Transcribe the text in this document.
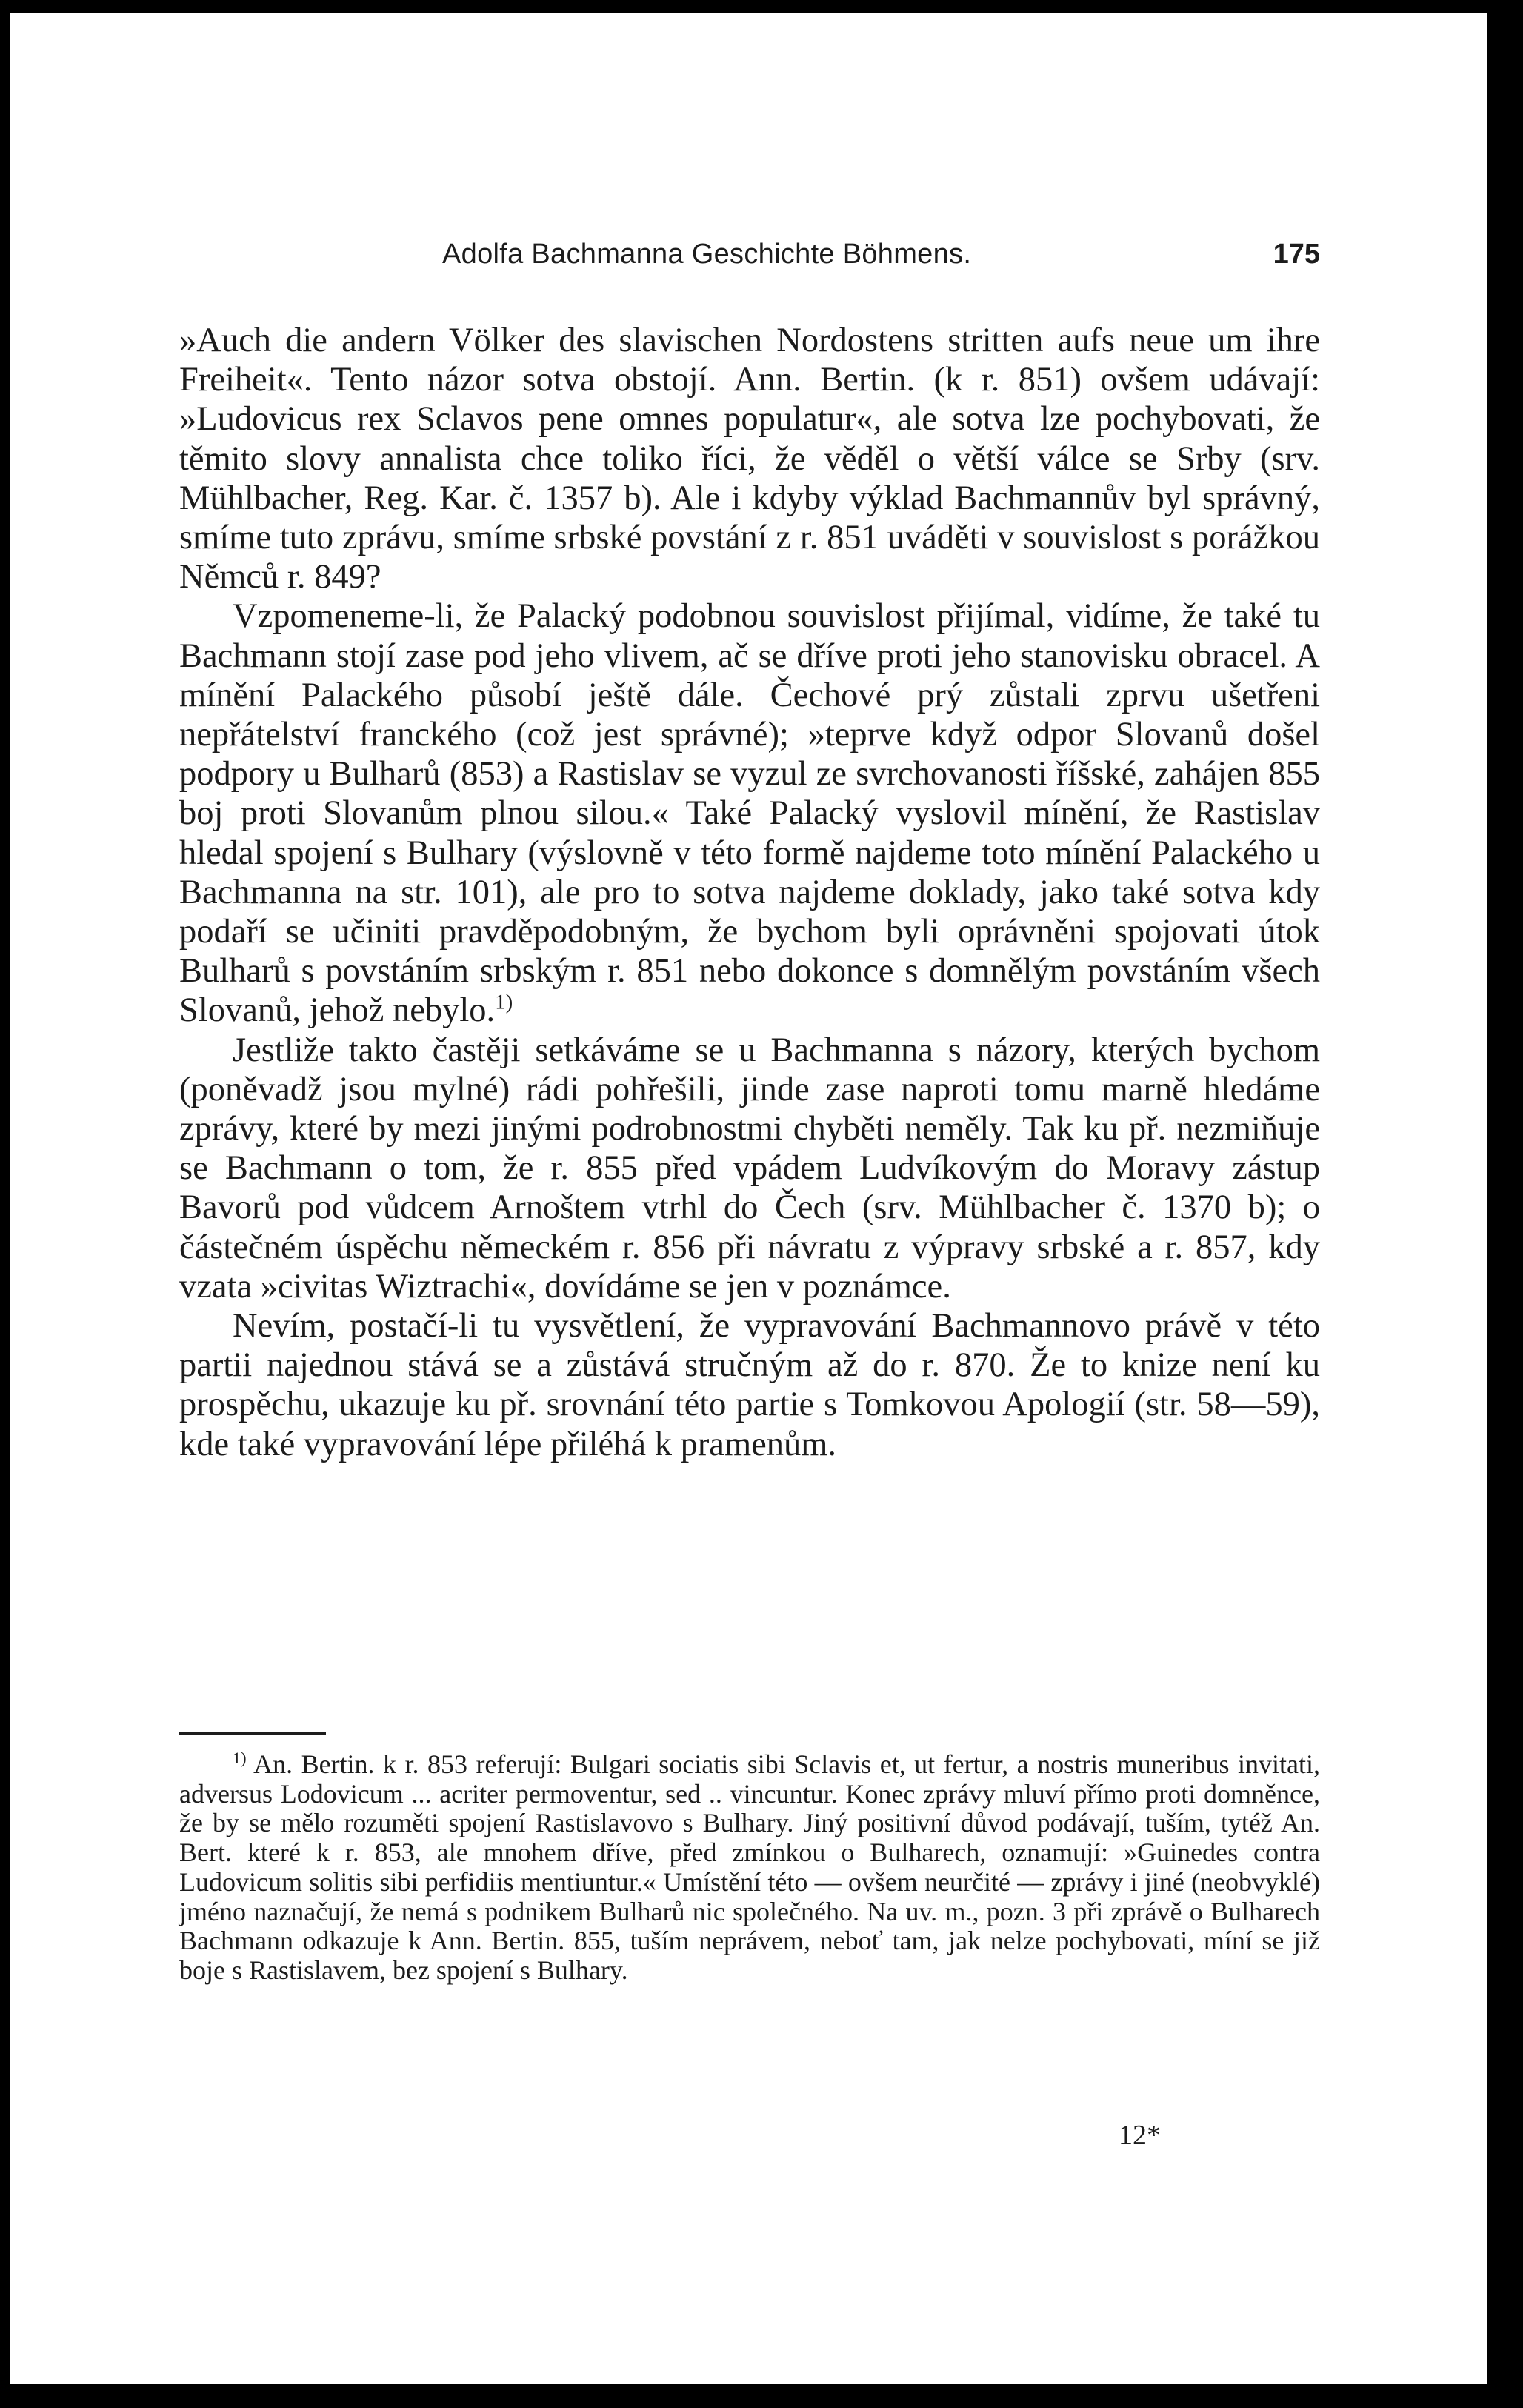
Adolfa Bachmanna Geschichte Böhmens.	175

»Auch die andern Völker des slavischen Nordostens stritten aufs neue um ihre Freiheit«. Tento názor sotva obstojí. Ann. Bertin. (k r. 851) ovšem udávají: »Ludovicus rex Sclavos pene omnes populatur«, ale sotva lze pochybovati, že těmito slovy annalista chce toliko říci, že věděl o větší válce se Srby (srv. Mühlbacher, Reg. Kar. č. 1357 b). Ale i kdyby výklad Bachmannův byl správný, smíme tuto zprávu, smíme srbské povstání z r. 851 uváděti v souvislost s porážkou Němců r. 849?

Vzpomeneme-li, že Palacký podobnou souvislost přijímal, vidíme, že také tu Bachmann stojí zase pod jeho vlivem, ač se dříve proti jeho stanovisku obracel. A mínění Palackého působí ještě dále. Čechové prý zůstali zprvu ušetřeni nepřátelství franckého (což jest správné); »teprve když odpor Slovanů došel podpory u Bulharů (853) a Rastislav se vyzul ze svrchovanosti říšské, zahájen 855 boj proti Slovanům plnou silou.« Také Palacký vyslovil mínění, že Rastislav hledal spojení s Bulhary (výslovně v této formě najdeme toto mínění Palackého u Bachmanna na str. 101), ale pro to sotva najdeme doklady, jako také sotva kdy podaří se učiniti pravděpodobným, že bychom byli oprávněni spojovati útok Bulharů s povstáním srbským r. 851 nebo dokonce s domnělým povstáním všech Slovanů, jehož nebylo.$^{1)}$

Jestliže takto častěji setkáváme se u Bachmanna s názory, kterých bychom (poněvadž jsou mylné) rádi pohřešili, jinde zase naproti tomu marně hledáme zprávy, které by mezi jinými podrobnostmi chyběti neměly. Tak ku př. nezmiňuje se Bachmann o tom, že r. 855 před vpádem Ludvíkovým do Moravy zástup Bavorů pod vůdcem Arnoštem vtrhl do Čech (srv. Mühlbacher č. 1370 b); o částečném úspěchu německém r. 856 při návratu z výpravy srbské a r. 857, kdy vzata »civitas Wiztrachi«, dovídáme se jen v poznámce.

Nevím, postačí-li tu vysvětlení, že vypravování Bachmannovo právě v této partii najednou stává se a zůstává stručným až do r. 870. Že to knize není ku prospěchu, ukazuje ku př. srovnání této partie s Tomkovou Apologií (str. 58—59), kde také vypravování lépe přiléhá k pramenům.

$^{1)}$ An. Bertin. k r. 853 referují: Bulgari sociatis sibi Sclavis et, ut fertur, a nostris muneribus invitati, adversus Lodovicum ... acriter permoventur, sed .. vincuntur. Konec zprávy mluví přímo proti domněnce, že by se mělo rozuměti spojení Rastislavovo s Bulhary. Jiný positivní důvod podávají, tuším, tytéž An. Bert. které k r. 853, ale mnohem dříve, před zmínkou o Bulharech, oznamují: »Guinedes contra Ludovicum solitis sibi perfidiis mentiuntur.« Umístění této — ovšem neurčité — zprávy i jiné (neobvyklé) jméno naznačují, že nemá s podnikem Bulharů nic společného. Na uv. m., pozn. 3 při zprávě o Bulharech Bachmann odkazuje k Ann. Bertin. 855, tuším neprávem, neboť tam, jak nelze pochybovati, míní se již boje s Rastislavem, bez spojení s Bulhary.

12*
